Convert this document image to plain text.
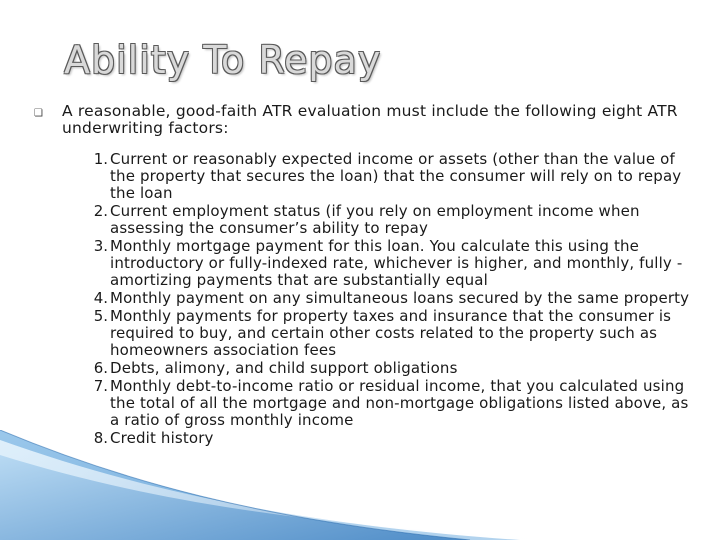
Ability To Repay
❏	A reasonable, good-faith ATR evaluation must include the following eight ATR underwriting factors:
1. Current or reasonably expected income or assets (other than the value of the property that secures the loan) that the consumer will rely on to repay the loan
2. Current employment status (if you rely on employment income when assessing the consumer’s ability to repay
3. Monthly mortgage payment for this loan. You calculate this using the introductory or fully-indexed rate, whichever is higher, and monthly, fully -amortizing payments that are substantially equal
4. Monthly payment on any simultaneous loans secured by the same property
5. Monthly payments for property taxes and insurance that the consumer is required to buy, and certain other costs related to the property such as homeowners association fees
6. Debts, alimony, and child support obligations
7. Monthly debt-to-income ratio or residual income, that you calculated using the total of all the mortgage and non-mortgage obligations listed above, as a ratio of gross monthly income
8. Credit history
